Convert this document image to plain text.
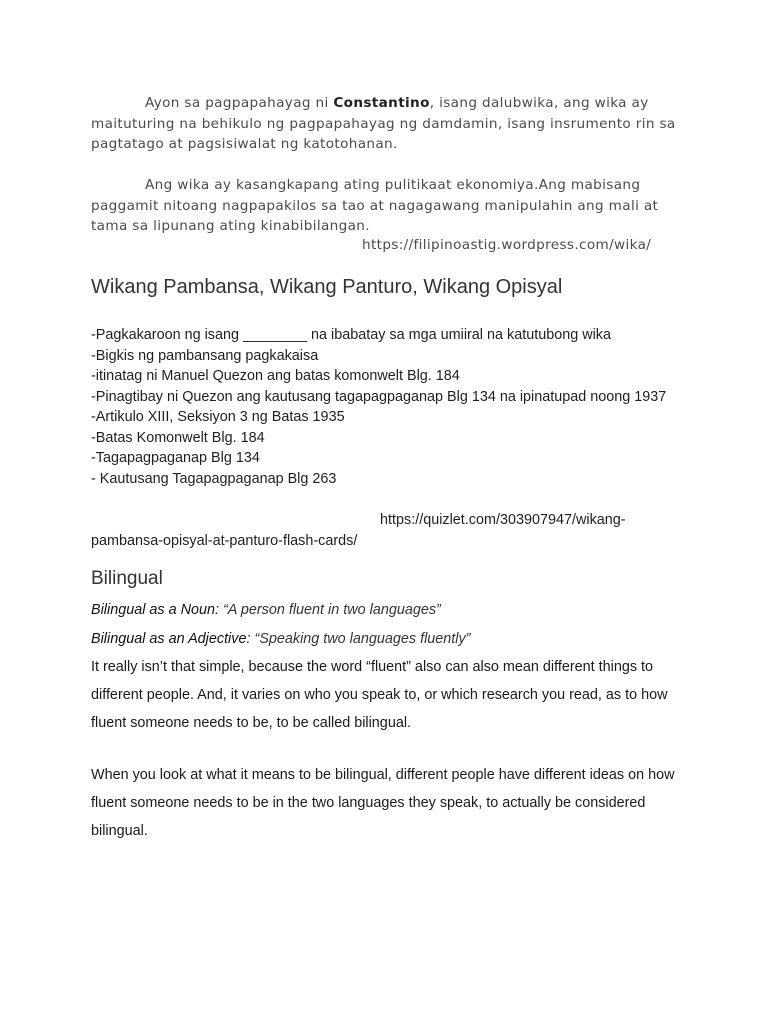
Ayon sa pagpapahayag ni Constantino, isang dalubwika, ang wika ay maituturing na behikulo ng pagpapahayag ng damdamin, isang insrumento rin sa pagtatago at pagsisiwalat ng katotohanan.

Ang wika ay kasangkapang ating pulitikaat ekonomiya.Ang mabisang paggamit nitoang nagpapakilos sa tao at nagagawang manipulahin ang mali at tama sa lipunang ating kinabibilangan.

https://filipinoastig.wordpress.com/wika/

Wikang Pambansa, Wikang Panturo, Wikang Opisyal
-Pagkakaroon ng isang ________ na ibabatay sa mga umiiral na katutubong wika
-Bigkis ng pambansang pagkakaisa
-itinatag ni Manuel Quezon ang batas komonwelt Blg. 184
-Pinagtibay ni Quezon ang kautusang tagapagpaganap Blg 134 na ipinatupad noong 1937
-Artikulo XIII, Seksiyon 3 ng Batas 1935
-Batas Komonwelt Blg. 184
-Tagapagpaganap Blg 134
- Kautusang Tagapagpaganap Blg 263

https://quizlet.com/303907947/wikang-pambansa-opisyal-at-panturo-flash-cards/

Bilingual

Bilingual as a Noun: “A person fluent in two languages”

Bilingual as an Adjective: “Speaking two languages fluently”

It really isn’t that simple, because the word “fluent” also can also mean different things to different people. And, it varies on who you speak to, or which research you read, as to how fluent someone needs to be, to be called bilingual.

When you look at what it means to be bilingual, different people have different ideas on how fluent someone needs to be in the two languages they speak, to actually be considered bilingual.
